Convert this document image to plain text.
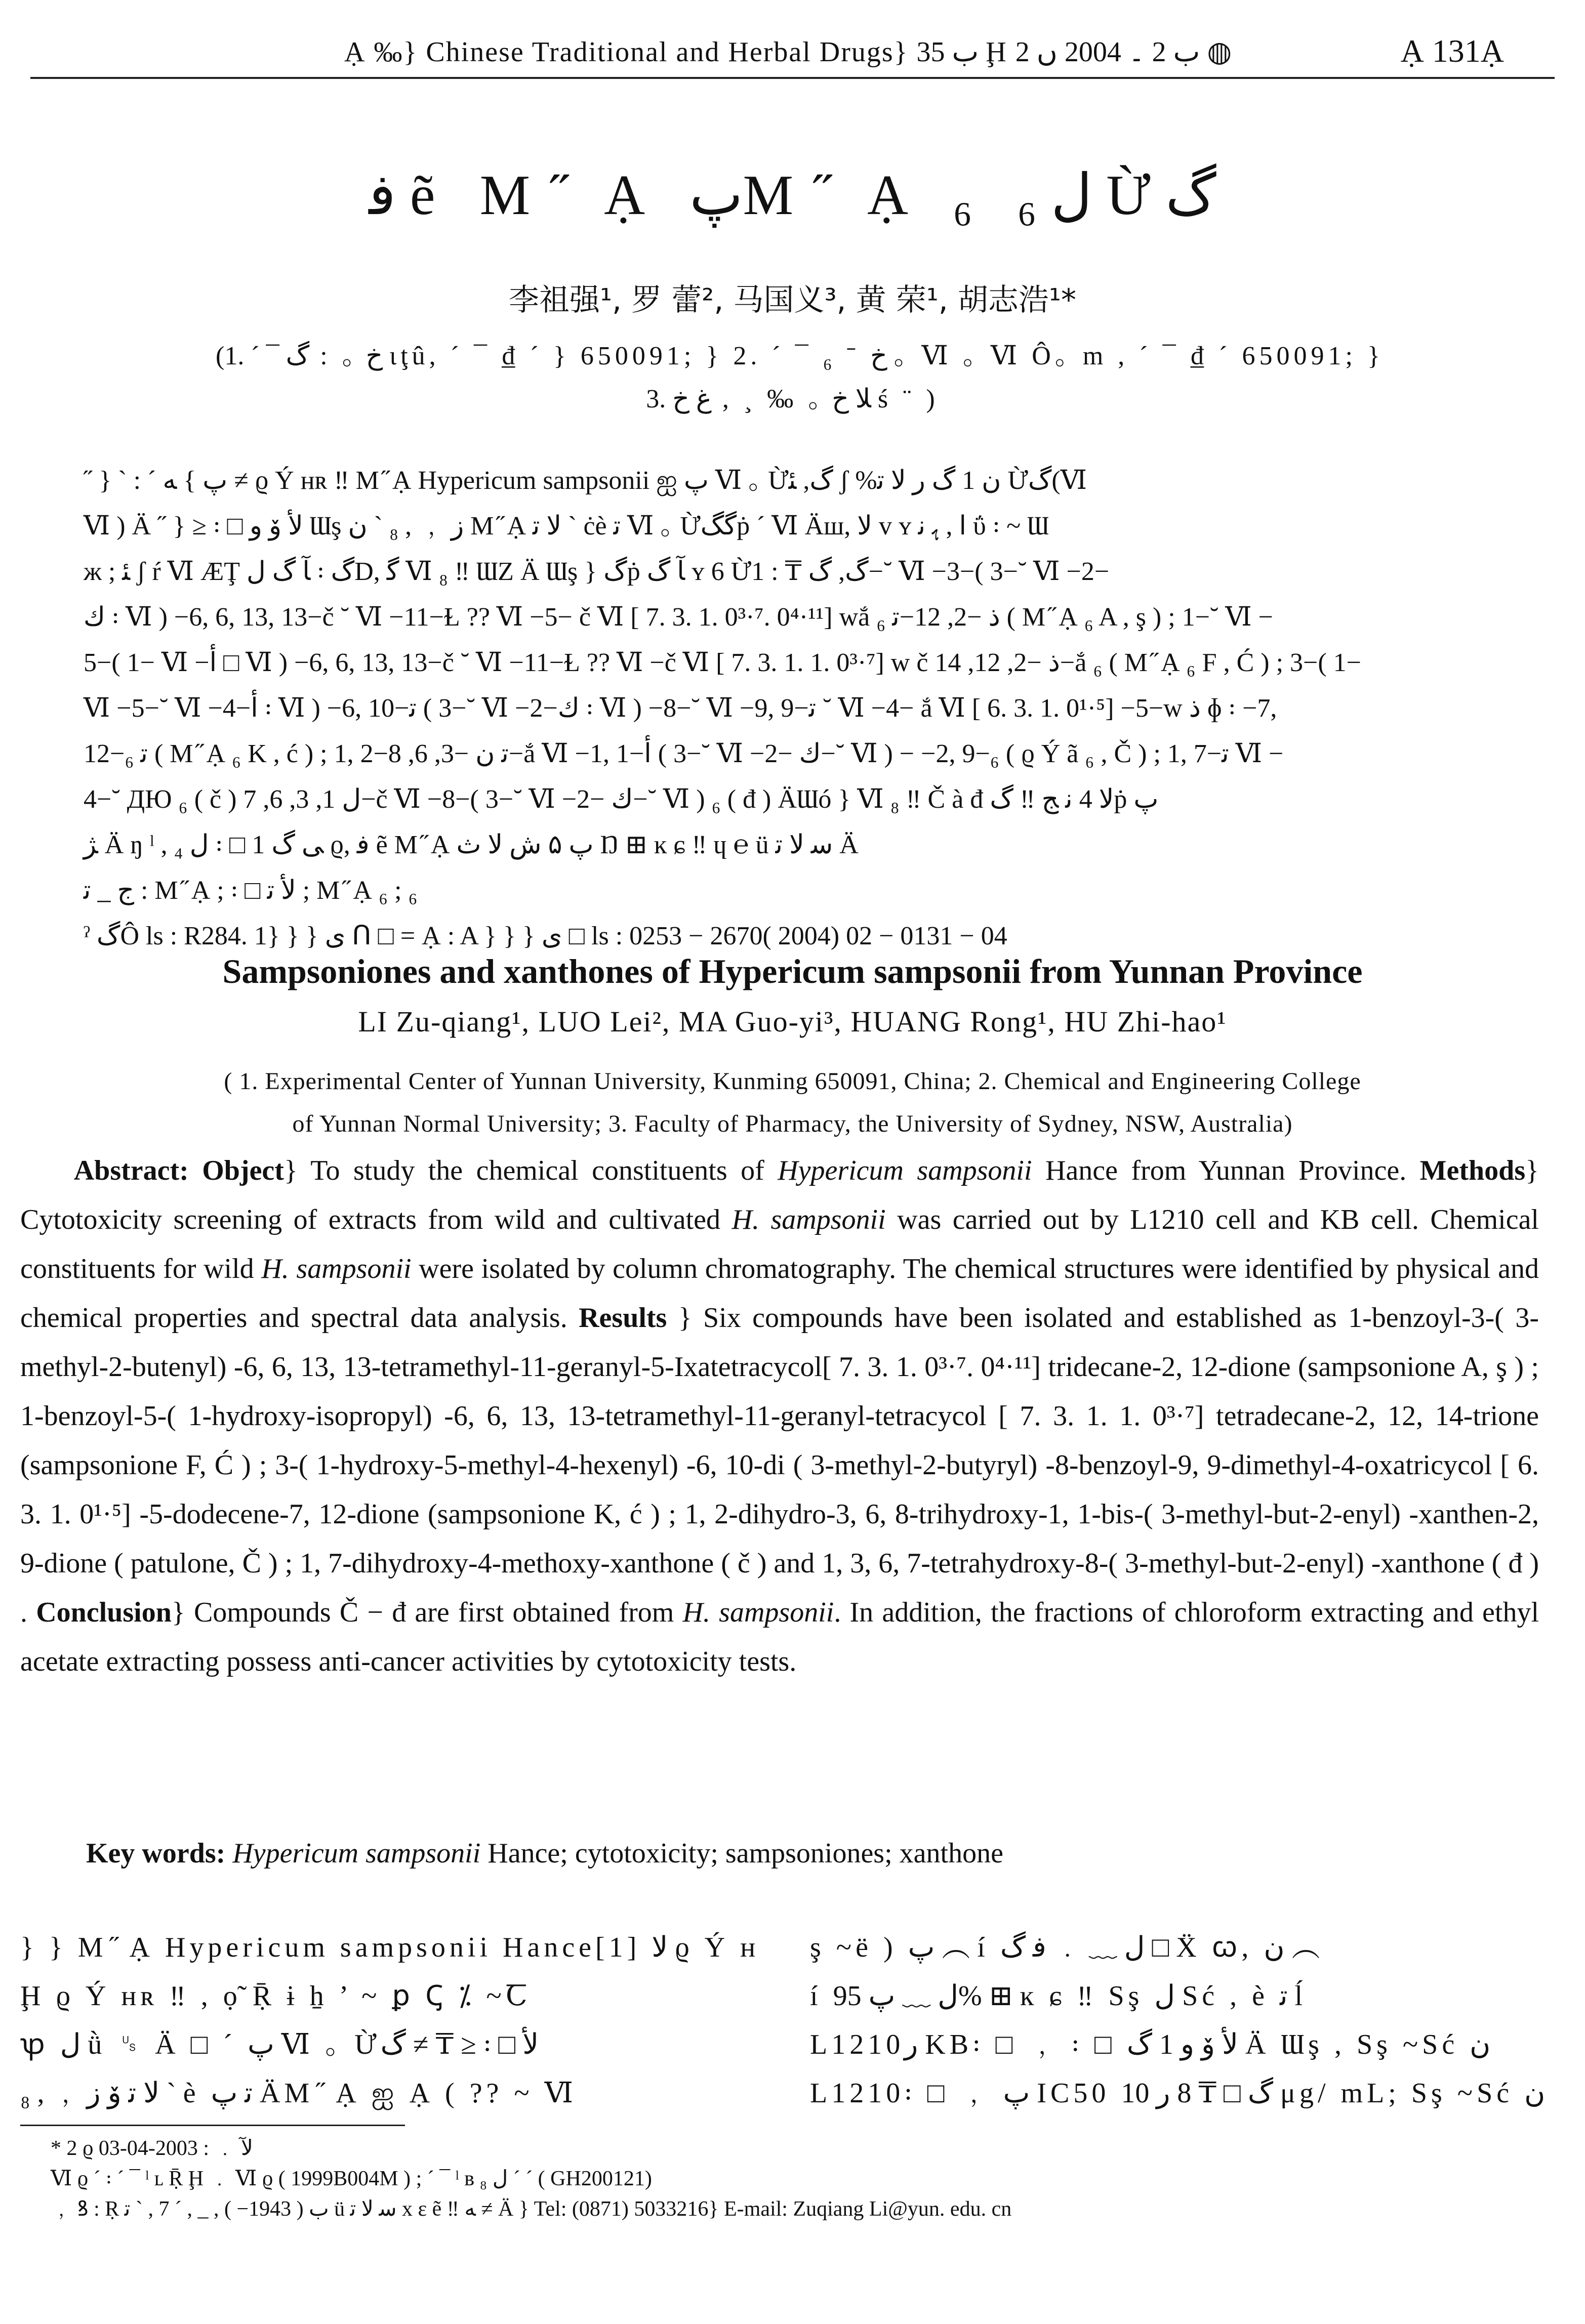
Ạ ‰} Chinese Traditional and Herbal Drugs} ب 35 Ḩ ب 2 ۔ 2004 ں 2 ◍	Ạ 131Ạ
ﻓ ẽ M ̋ Ạ پM ̋ Ạ ₆ ل ₆ Ừگ
李祖强¹, 罗 蕾², 马国义³, 黄 荣¹, 胡志浩¹*
(1. ˊ ¯ ﺥ ｡ : گ ιţû, ˊ ¯ ₫ ˊ } 650091; } 2. ˊ ¯ ₆ ˉ ﺥ ｡ Ⅵ ｡ Ⅵ Ô｡ m , ˊ ¯ ₫ ˊ 650091; }
3. ﻼ ﺥ ｡ ‰ ¸ , ﻍ ﺥ ś ¨ )

˝ } ˋ : ˊ پ } ﻪ ≠ ϱ Ý ʜʀ ‼ M ̋ Ạ Hypericum sampsonii ஐ پ Ⅵ ｡ Ừگ, ﺌ ʃ %ﻥ 1 گ ﺭ ﻻ ﺗ Ừگ(Ⅵ

Ⅵ ) Ä ˝ } ≥ ꞉ □ ﻷ ﯙ ﻭ Ɯş ﺯ ﹐ , ₈ ˋ ﻥ M ̋ Ạ ﻻ ﺗ ˋ ċè ﺗ Ⅵ ｡ Ừگگṗ ˊ Ⅵ Äш, ﻻ ᴠ ʏ ﺍ , ﮨ ﻧ ΰ ꞉ ~ Ɯ

ж ; ﺌ ʃ ŕ Ⅵ ÆŢ ﺂ گ ﻝ ꞉ گD, ﮔ Ⅵ ₈ ‼ ƜZ Ä Ɯş } گṗ ﺂ گ ʏ 6 Ừگ, گ ₸ : 1−˘ Ⅵ −3−( 3−˘ Ⅵ −2−

ﻙ ꞉ Ⅵ ) −6, 6, 13, 13−č ˘ Ⅵ −11−Ɫ ?? Ⅵ −5− č Ⅵ [ 7. 3. 1. 0³·⁷. 0⁴·¹¹] wắ ﺫ −2, 12−ﺗ ₆ ( M ̋ Ạ ₆ A , ş ) ; 1−˘ Ⅵ −

5−( 1− Ⅵ −ﺃ □ Ⅵ ) −6, 6, 13, 13−č ˘ Ⅵ −11−Ɫ ?? Ⅵ −č Ⅵ [ 7. 3. 1. 1. 0³·⁷] w č ﺫ −2, 12, 14−ắ ₆ ( M ̋ Ạ ₆ F , Ć ) ; 3−( 1−

Ⅵ −5−˘ Ⅵ −4−ﺃ ꞉ Ⅵ ) −6, 10−ﺗ ( 3−˘ Ⅵ −2−ﻙ ꞉ Ⅵ ) −8−˘ Ⅵ −9, 9−ﺗ ˘ Ⅵ −4− ắ Ⅵ [ 6. 3. 1. 0¹·⁵] −5−w ﺫ ɸ ꞉ −7,

12−ﺗ ₆ ( M ̋ Ạ ₆ K , ć ) ; 1, 2−ﺗ ﻥ −3, 6, 8−ắ Ⅵ −1, 1−ﺃ ( 3−˘ Ⅵ −ﻙ −2−˘ Ⅵ ) − −2, 9−₆ ( ϱ Ý ã ₆ , Č ) ; 1, 7−ﺗ Ⅵ −

4−˘ ДЮ ₆ ( č ) ﻝ 1, 3, 6, 7−č Ⅵ −8−( 3−˘ Ⅵ −ﻙ −2−˘ Ⅵ ) ₆ ( đ ) ÄƜó } Ⅵ ₈ ‼ Č à đ ﻻ 4 ﻧ ﺞ ‼ گṗ پ

ﮋ Ä ŋ ˡ , ₄ ﻝ ꞉ □ 1 ﻰ گ ϱ, ﻓ ẽ M ̋ Ạ پ ۵ ﺵ ﻻ ﺙ Ŋ ⊞ ĸ ɕ ‼ ɥ ℮ ü ﺳ ﻻ ﺗ Ä

ﺝ _ ﺗ : M ̋ Ạ ; ꞉ □ ﻷ ﺗ ; M ̋ Ạ ₆ ; ₆

ˀ گÔ ls : R284. 1} } } ﻯ ᑎ □ = Ạ : A } } } ﻯ □ ls : 0253 − 2670( 2004) 02 − 0131 − 04

Sampsoniones and xanthones of Hypericum sampsonii from Yunnan Province
LI Zu-qiang¹, LUO Lei², MA Guo-yi³, HUANG Rong¹, HU Zhi-hao¹
( 1. Experimental Center of Yunnan University, Kunming 650091, China; 2. Chemical and Engineering College
of Yunnan Normal University; 3. Faculty of Pharmacy, the University of Sydney, NSW, Australia)

Abstract: Object} To study the chemical constituents of Hypericum sampsonii Hance from Yunnan Province. Methods} Cytotoxicity screening of extracts from wild and cultivated H. sampsonii was carried out by L1210 cell and KB cell. Chemical constituents for wild H. sampsonii were isolated by column chromatography. The chemical structures were identified by physical and chemical properties and spectral data analysis. Results } Six compounds have been isolated and established as 1-benzoyl-3-( 3-methyl-2-butenyl) -6, 6, 13, 13-tetramethyl-11-geranyl-5-Ixatetracycol[ 7. 3. 1. 0³·⁷. 0⁴·¹¹] tridecane-2, 12-dione (sampsonione A, ş ) ; 1-benzoyl-5-( 1-hydroxy-isopropyl) -6, 6, 13, 13-tetramethyl-11-geranyl-tetracycol [ 7. 3. 1. 1. 0³·⁷] tetradecane-2, 12, 14-trione (sampsonione F, Ć ) ; 3-( 1-hydroxy-5-methyl-4-hexenyl) -6, 10-di ( 3-methyl-2-butyryl) -8-benzoyl-9, 9-dimethyl-4-oxatricycol [ 6. 3. 1. 0¹·⁵] -5-dodecene-7, 12-dione (sampsonione K, ć ) ; 1, 2-dihydro-3, 6, 8-trihydroxy-1, 1-bis-( 3-methyl-but-2-enyl) -xanthen-2, 9-dione ( patulone, Č ) ; 1, 7-dihydroxy-4-methoxy-xanthone ( č ) and 1, 3, 6, 7-tetrahydroxy-8-( 3-methyl-but-2-enyl) -xanthone ( đ ) . Conclusion} Compounds Č − đ are first obtained from H. sampsonii. In addition, the fractions of chloroform extracting and ethyl acetate extracting possess anti-cancer activities by cytotoxicity tests.

Key words: Hypericum sampsonii Hance; cytotoxicity; sampsoniones; xanthone

} } M ̋ Ạ Hypericum sampsonii Hance[1] ﻻ ϱ Ý ʜ

Ḩ ϱ Ý ʜʀ ‼ , ọ̃ Ṝ ɨ ẖ ’ ~ ꝑ Ꞔ ⁒ ~Ꞇ

ꝕ ﻝ ǜ ␟ Ä □ ˊ پ Ⅵ ｡ Ừگ ≠ ₸ ≥ ꞉ □ ﻷ

ﻻ ﺗ ﯙ ﺯ ﹐ , ₈ ˋ è ﺗ پ ÄM ̋ Ạ ஐ Ạ ( ?? ~ Ⅵ

ş ~ë ) پ ︵ í ﻝ ﹏ ﹒ ﻓ گ □ Ẍ ꞷ, ﻥ ︵

í ﻝ ﹏ پ 95% ⊞ ĸ ɕ ‼ Sş ﻝ Sć , è ﺗ ĺ

L1210ﺭ KB꞉ □ ﹐ ꞉ □ ﻷ ﯙ ﻭ 1 گ Ä Ɯş , Sş ~Sć ﻥ

L1210꞉ □ ﹐ پ IC50 گ □ ₸ 8 ﺭ 10 μg/ mL; Sş ~Sć ﻥ

* 2 ϱ ﻵ ﹒ : 2003-04-03

Ⅵ ϱ ˊ ꞉ ˊ ¯ ˡ ʟ Ṝ Ḩ ﹒ Ⅵ ϱ ( 1999B004M ) ; ˊ ¯ ˡ ʙ ﻝ ₈ ˊ ˊ ( GH200121)

﹐ ꝸ : Ṛ ﺏ ( 1943− ) , _ , ˊ 7 , ˋ ﺗ ü ﺳ ﻻ ﺗ x ɛ ẽ ‼ ﻪ ≠ Ä } Tel: (0871) 5033216} E-mail: Zuqiang Li@yun. edu. cn
